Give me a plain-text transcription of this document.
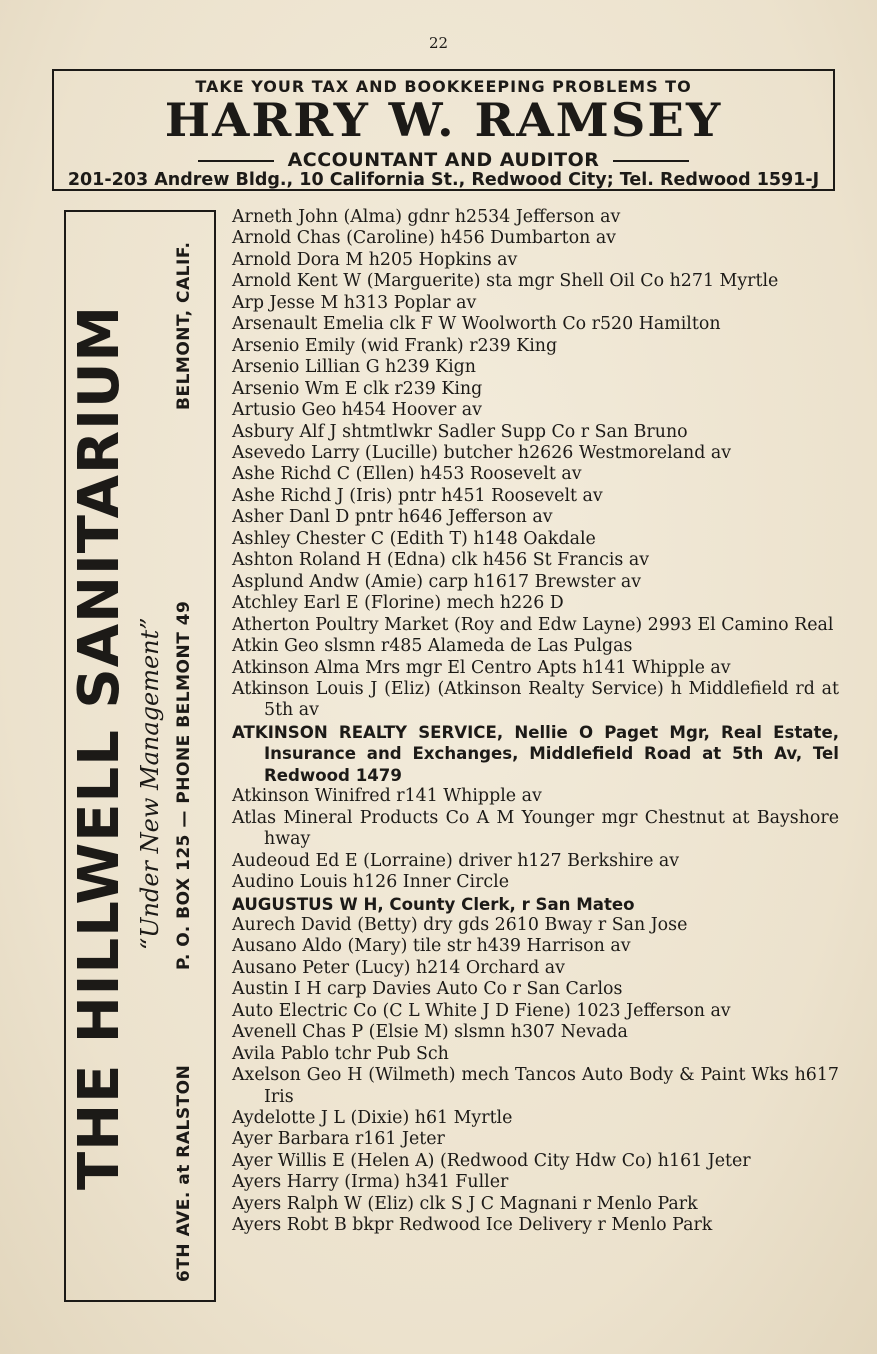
22
TAKE YOUR TAX AND BOOKKEEPING PROBLEMS TO
HARRY W. RAMSEY
ACCOUNTANT AND AUDITOR
201-203 Andrew Bldg., 10 California St., Redwood City; Tel. Redwood 1591-J
THE HILLWELL SANITARIUM “Under New Management”
6TH AVE. at RALSTON
P. O. BOX 125 — PHONE BELMONT 49
BELMONT, CALIF.

Arneth John (Alma) gdnr h2534 Jefferson av

Arnold Chas (Caroline) h456 Dumbarton av

Arnold Dora M h205 Hopkins av

Arnold Kent W (Marguerite) sta mgr Shell Oil Co h271 Myrtle

Arp Jesse M h313 Poplar av

Arsenault Emelia clk F W Woolworth Co r520 Hamilton

Arsenio Emily (wid Frank) r239 King

Arsenio Lillian G h239 Kign

Arsenio Wm E clk r239 King

Artusio Geo h454 Hoover av

Asbury Alf J shtmtlwkr Sadler Supp Co r San Bruno

Asevedo Larry (Lucille) butcher h2626 Westmoreland av

Ashe Richd C (Ellen) h453 Roosevelt av

Ashe Richd J (Iris) pntr h451 Roosevelt av

Asher Danl D pntr h646 Jefferson av

Ashley Chester C (Edith T) h148 Oakdale

Ashton Roland H (Edna) clk h456 St Francis av

Asplund Andw (Amie) carp h1617 Brewster av

Atchley Earl E (Florine) mech h226 D

Atherton Poultry Market (Roy and Edw Layne) 2993 El Camino Real

Atkin Geo slsmn r485 Alameda de Las Pulgas

Atkinson Alma Mrs mgr El Centro Apts h141 Whipple av

Atkinson Louis J (Eliz) (Atkinson Realty Service) h Middlefield rd at 5th av

ATKINSON REALTY SERVICE, Nellie O Paget Mgr, Real Estate, Insurance and Exchanges, Middlefield Road at 5th Av, Tel Redwood 1479

Atkinson Winifred r141 Whipple av

Atlas Mineral Products Co A M Younger mgr Chestnut at Bayshore hway

Audeoud Ed E (Lorraine) driver h127 Berkshire av

Audino Louis h126 Inner Circle

AUGUSTUS W H, County Clerk, r San Mateo

Aurech David (Betty) dry gds 2610 Bway r San Jose

Ausano Aldo (Mary) tile str h439 Harrison av

Ausano Peter (Lucy) h214 Orchard av

Austin I H carp Davies Auto Co r San Carlos

Auto Electric Co (C L White J D Fiene) 1023 Jefferson av

Avenell Chas P (Elsie M) slsmn h307 Nevada

Avila Pablo tchr Pub Sch

Axelson Geo H (Wilmeth) mech Tancos Auto Body & Paint Wks h617 Iris

Aydelotte J L (Dixie) h61 Myrtle

Ayer Barbara r161 Jeter

Ayer Willis E (Helen A) (Redwood City Hdw Co) h161 Jeter

Ayers Harry (Irma) h341 Fuller

Ayers Ralph W (Eliz) clk S J C Magnani r Menlo Park

Ayers Robt B bkpr Redwood Ice Delivery r Menlo Park
